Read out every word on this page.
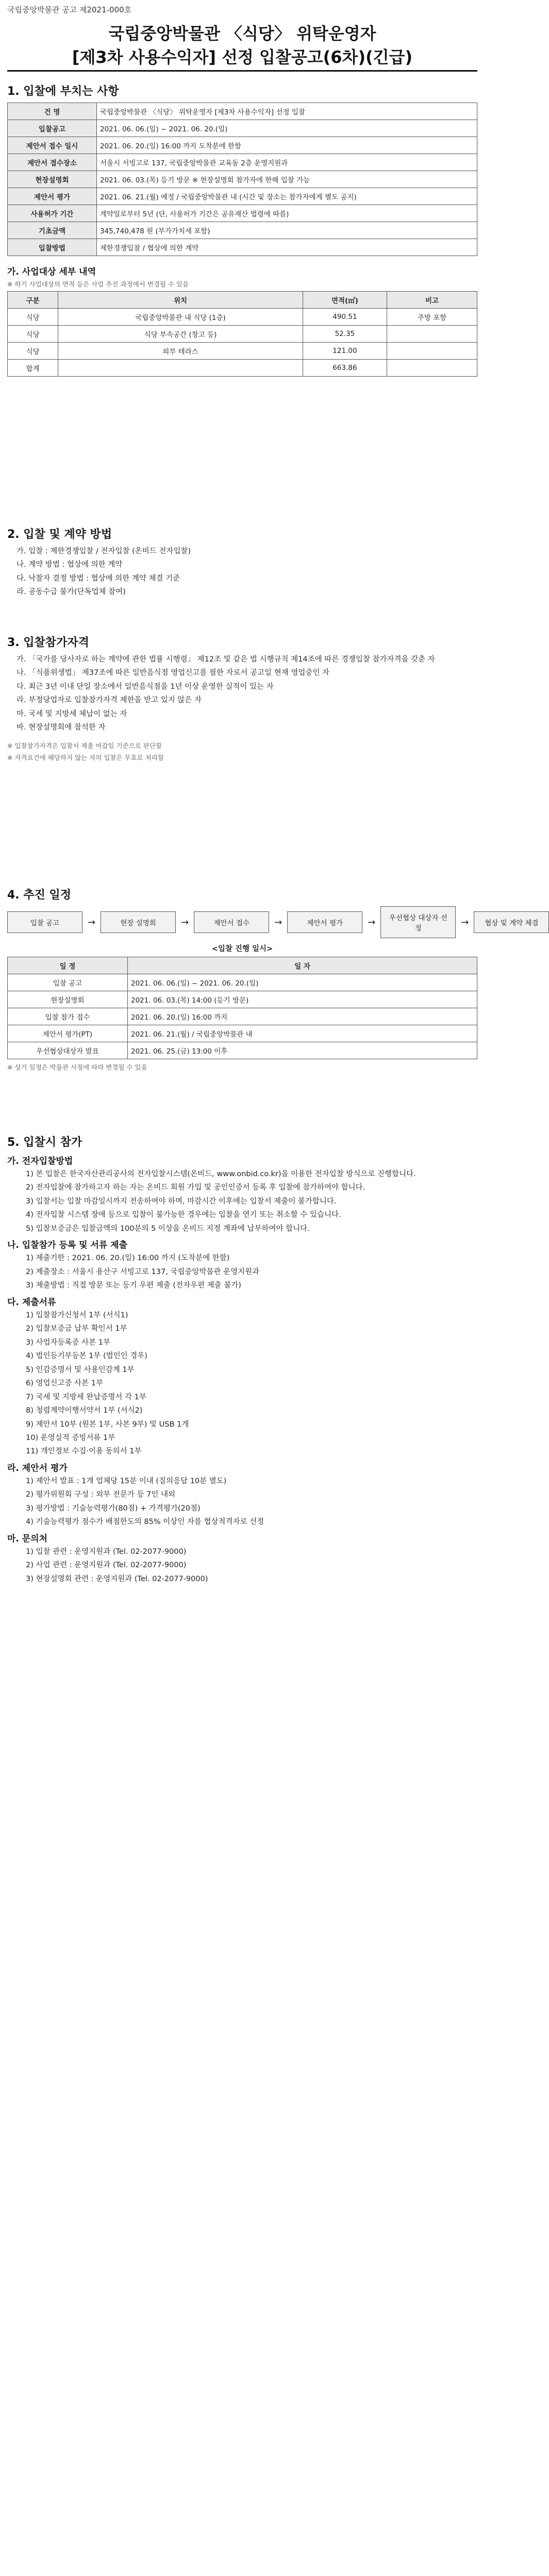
국립중앙박물관 공고 제2021-000호
국립중앙박물관 〈식당〉 위탁운영자
[제3차 사용수익자] 선정 입찰공고(6차)(긴급)
1. 입찰에 부치는 사항
건 명	국립중앙박물관 〈식당〉 위탁운영자 [제3차 사용수익자] 선정 입찰
입찰공고	2021. 06. 06.(일) ~ 2021. 06. 20.(일)
제안서 접수 일시	2021. 06. 20.(일) 16:00 까지 도착분에 한함
제안서 접수장소	서울시 서빙고로 137, 국립중앙박물관 교육동 2층 운영지원과
현장설명회	2021. 06. 03.(목) 등기 방문 ※ 현장설명회 참가자에 한해 입찰 가능
제안서 평가	2021. 06. 21.(월) 예정 / 국립중앙박물관 내 (시간 및 장소는 참가자에게 별도 공지)
사용허가 기간	계약일로부터 5년 (단, 사용허가 기간은 공유재산 법령에 따름)
기초금액	345,740,478 원 (부가가치세 포함)
입찰방법	제한경쟁입찰 / 협상에 의한 계약
가. 사업대상 세부 내역
※ 하기 사업대상의 면적 등은 사업 추진 과정에서 변경될 수 있음
구분	위치	면적(㎡)	비고
식당	국립중앙박물관 내 식당 (1층)	490.51	주방 포함
식당	식당 부속공간 (창고 등)	52.35	
식당	외부 테라스	121.00	
합계		663.86	
2. 입찰 및 계약 방법
가. 입찰 : 제한경쟁입찰 / 전자입찰 (온비드 전자입찰)
나. 계약 방법 : 협상에 의한 계약
다. 낙찰자 결정 방법 : 협상에 의한 계약 체결 기준
라. 공동수급 불가(단독업체 참여)
3. 입찰참가자격
가. 「국가를 당사자로 하는 계약에 관한 법률 시행령」 제12조 및 같은 법 시행규칙 제14조에 따른 경쟁입찰 참가자격을 갖춘 자
나. 「식품위생법」 제37조에 따른 일반음식점 영업신고를 필한 자로서 공고일 현재 영업중인 자
다. 최근 3년 이내 단일 장소에서 일반음식점을 1년 이상 운영한 실적이 있는 자
라. 부정당업자로 입찰참가자격 제한을 받고 있지 않은 자
마. 국세 및 지방세 체납이 없는 자
바. 현장설명회에 참석한 자
※ 입찰참가자격은 입찰서 제출 마감일 기준으로 판단함
※ 자격요건에 해당하지 않는 자의 입찰은 무효로 처리함
4. 추진 일정
입찰 공고	→	현장 설명회	→	제안서 접수	→	제안서 평가	→	우선협상 대상자 선정
→	협상 및 계약 체결
<입찰 진행 일시>
일 정	일 자
입찰 공고	2021. 06. 06.(일) ~ 2021. 06. 20.(일)
현장설명회	2021. 06. 03.(목) 14:00 (등기 방문)
입찰 참가 접수	2021. 06. 20.(일) 16:00 까지
제안서 평가(PT)	2021. 06. 21.(월) / 국립중앙박물관 내
우선협상대상자 발표	2021. 06. 25.(금) 13:00 이후
※ 상기 일정은 박물관 사정에 따라 변경될 수 있음
5. 입찰시 참가
가. 전자입찰방법
1) 본 입찰은 한국자산관리공사의 전자입찰시스템(온비드, www.onbid.co.kr)을 이용한 전자입찰 방식으로 진행합니다.
2) 전자입찰에 참가하고자 하는 자는 온비드 회원 가입 및 공인인증서 등록 후 입찰에 참가하여야 합니다.
3) 입찰서는 입찰 마감일시까지 전송하여야 하며, 마감시간 이후에는 입찰서 제출이 불가합니다.
4) 전자입찰 시스템 장애 등으로 입찰이 불가능한 경우에는 입찰을 연기 또는 취소할 수 있습니다.
5) 입찰보증금은 입찰금액의 100분의 5 이상을 온비드 지정 계좌에 납부하여야 합니다.
나. 입찰참가 등록 및 서류 제출
1) 제출기한 : 2021. 06. 20.(일) 16:00 까지 (도착분에 한함)
2) 제출장소 : 서울시 용산구 서빙고로 137, 국립중앙박물관 운영지원과
3) 제출방법 : 직접 방문 또는 등기 우편 제출 (전자우편 제출 불가)
다. 제출서류
1) 입찰참가신청서 1부 (서식1)
2) 입찰보증금 납부 확인서 1부
3) 사업자등록증 사본 1부
4) 법인등기부등본 1부 (법인인 경우)
5) 인감증명서 및 사용인감계 1부
6) 영업신고증 사본 1부
7) 국세 및 지방세 완납증명서 각 1부
8) 청렴계약이행서약서 1부 (서식2)
9) 제안서 10부 (원본 1부, 사본 9부) 및 USB 1개
10) 운영실적 증빙서류 1부
11) 개인정보 수집·이용 동의서 1부
라. 제안서 평가
1) 제안서 발표 : 1개 업체당 15분 이내 (질의응답 10분 별도)
2) 평가위원회 구성 : 외부 전문가 등 7인 내외
3) 평가방법 : 기술능력평가(80점) + 가격평가(20점)
4) 기술능력평가 점수가 배점한도의 85% 이상인 자를 협상적격자로 선정
마. 문의처
1) 입찰 관련 : 운영지원과 (Tel. 02-2077-9000)
2) 사업 관련 : 운영지원과 (Tel. 02-2077-9000)
3) 현장설명회 관련 : 운영지원과 (Tel. 02-2077-9000)
